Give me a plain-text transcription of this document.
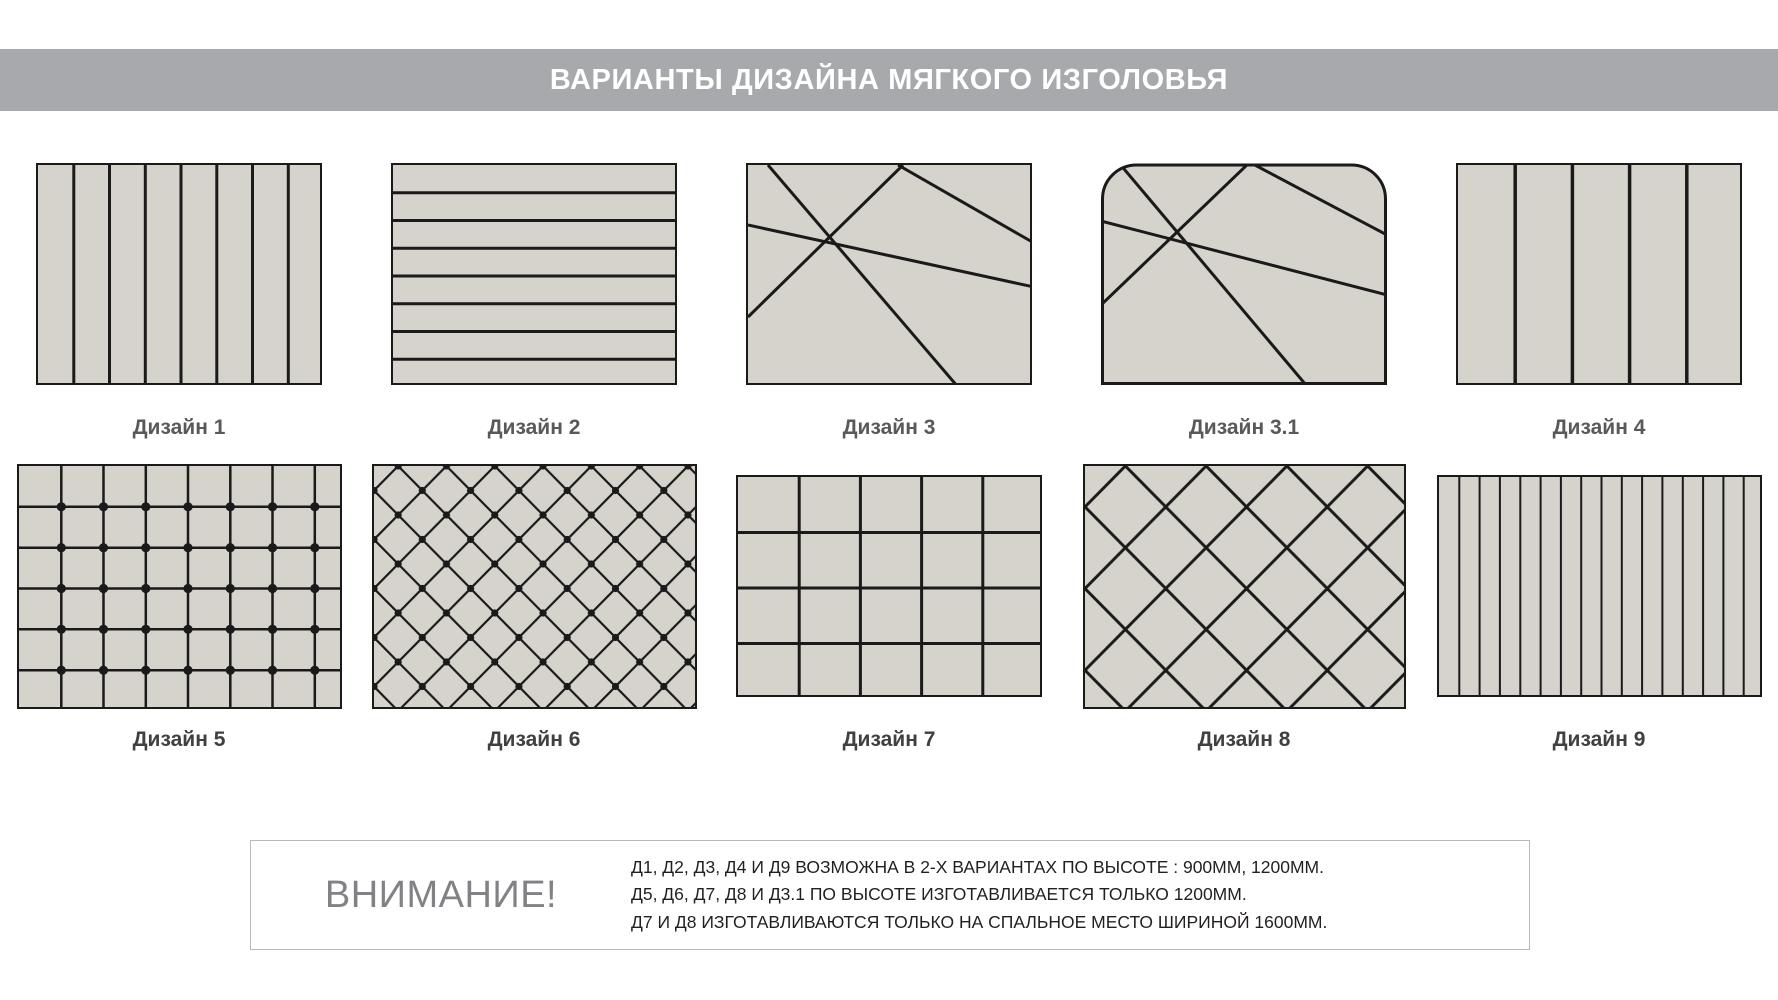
ВАРИАНТЫ ДИЗАЙНА МЯГКОГО ИЗГОЛОВЬЯ
Дизайн 1	Дизайн 2	Дизайн 3	Дизайн 3.1	Дизайн 4
Дизайн 5	Дизайн 6	Дизайн 7	Дизайн 8	Дизайн 9
ВНИМАНИЕ!
Д1, Д2, Д3, Д4 И Д9 ВОЗМОЖНА В 2-Х ВАРИАНТАХ ПО ВЫСОТЕ : 900ММ, 1200ММ.
Д5, Д6, Д7, Д8 И Д3.1 ПО ВЫСОТЕ ИЗГОТАВЛИВАЕТСЯ ТОЛЬКО 1200ММ.
Д7 И Д8 ИЗГОТАВЛИВАЮТСЯ ТОЛЬКО НА СПАЛЬНОЕ МЕСТО ШИРИНОЙ 1600ММ.
